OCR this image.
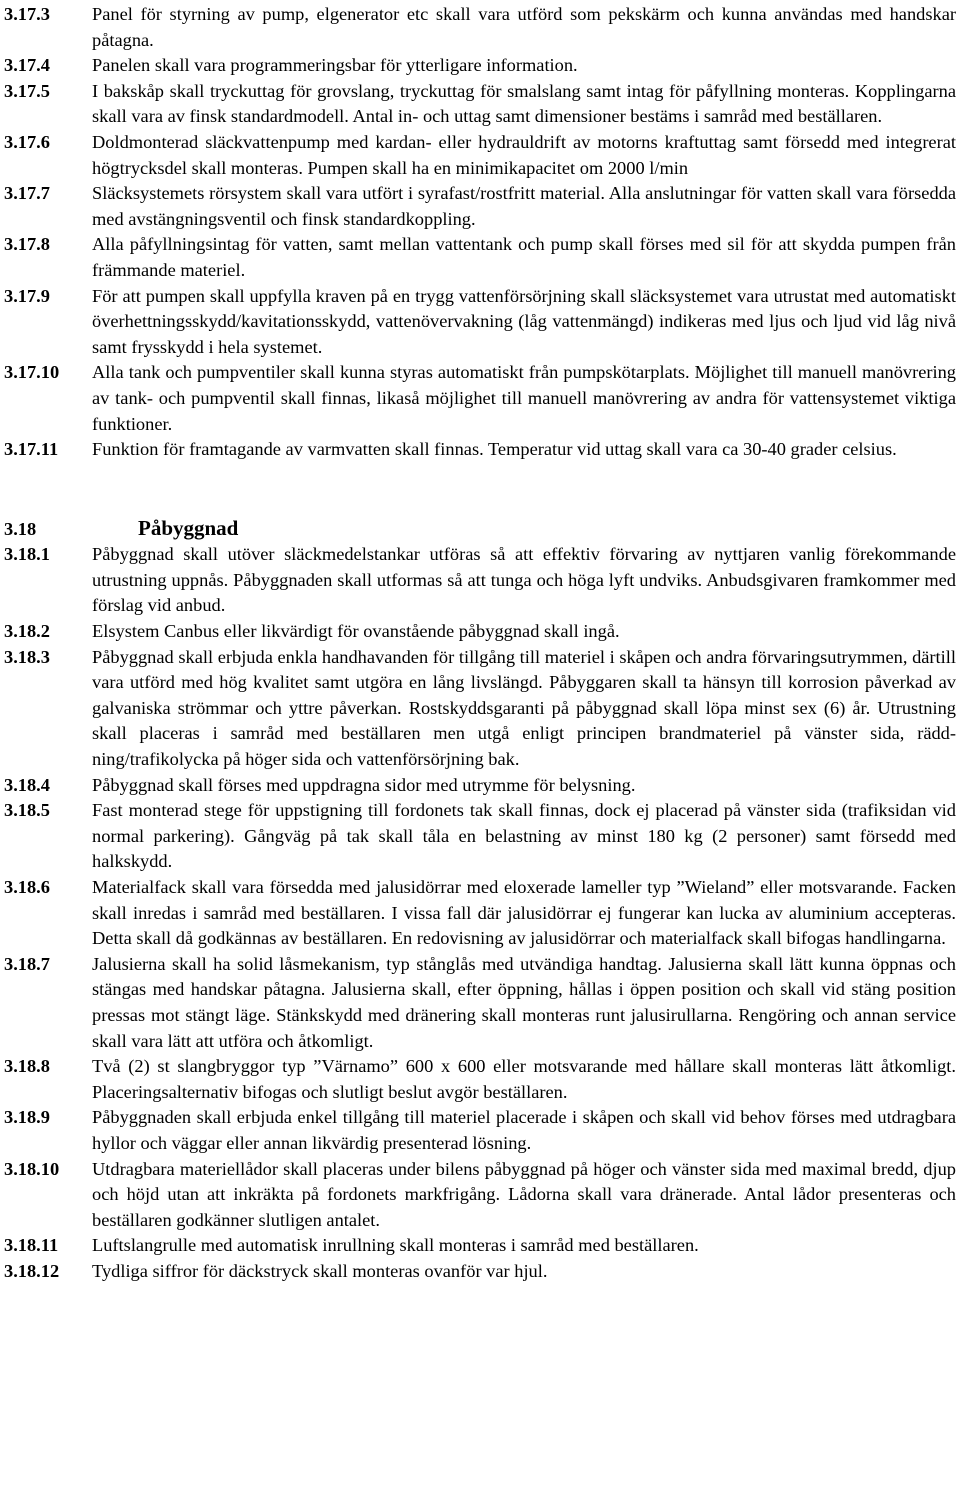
3.17.3	Panel för styrning av pump, elgenerator etc skall vara utförd som pekskärm och kunna användas med handskar påtagna.
3.17.4	Panelen skall vara programmeringsbar för ytterligare information.
3.17.5	I bakskåp skall tryckuttag för grovslang, tryckuttag för smalslang samt intag för påfyllning monteras. Kopplingarna skall vara av finsk standardmodell. Antal in- och uttag samt dimensioner bestäms i samråd med beställaren.
3.17.6	Doldmonterad släckvattenpump med kardan- eller hydrauldrift av motorns kraftuttag samt försedd med integrerat högtrycksdel skall monteras. Pumpen skall ha en minimikapacitet om 2000 l/min
3.17.7	Släcksystemets rörsystem skall vara utfört i syrafast/rostfritt material. Alla anslutningar för vatten skall vara försedda med avstängningsventil och finsk standardkoppling.
3.17.8	Alla påfyllningsintag för vatten, samt mellan vattentank och pump skall förses med sil för att skydda pumpen från främmande materiel.
3.17.9	För att pumpen skall uppfylla kraven på en trygg vattenförsörjning skall släcksystemet vara utrustat med automatiskt överhettningsskydd/kavitationsskydd, vattenövervakning (låg vattenmängd) indikeras med ljus och ljud vid låg nivå samt frysskydd i hela systemet.
3.17.10	Alla tank och pumpventiler skall kunna styras automatiskt från pumpskötarplats. Möjlighet till manuell manövrering av tank- och pumpventil skall finnas, likaså möjlighet till manuell manövrering av andra för vattensystemet viktiga funktioner.
3.17.11	Funktion för framtagande av varmvatten skall finnas. Temperatur vid uttag skall vara ca 30-40 grader celsius.
3.18	Påbyggnad
3.18.1	Påbyggnad skall utöver släckmedelstankar utföras så att effektiv förvaring av nyttjaren vanlig förekommande utrustning uppnås. Påbyggnaden skall utformas så att tunga och höga lyft undviks. Anbudsgivaren framkommer med förslag vid anbud.
3.18.2	Elsystem Canbus eller likvärdigt för ovanstående påbyggnad skall ingå.
3.18.3	Påbyggnad skall erbjuda enkla handhavanden för tillgång till materiel i skåpen och andra förvaringsutrymmen, därtill vara utförd med hög kvalitet samt utgöra en lång livslängd. Påbyggaren skall ta hänsyn till korrosion påverkad av galvaniska strömmar och yttre påverkan. Rostskyddsgaranti på påbyggnad skall löpa minst sex (6) år. Utrustning skall placeras i samråd med beställaren men utgå enligt principen brandmateriel på vänster sida, räddning/trafikolycka på höger sida och vattenförsörjning bak.
3.18.4	Påbyggnad skall förses med uppdragna sidor med utrymme för belysning.
3.18.5	Fast monterad stege för uppstigning till fordonets tak skall finnas, dock ej placerad på vänster sida (trafiksidan vid normal parkering). Gångväg på tak skall tåla en belastning av minst 180 kg (2 personer) samt försedd med halkskydd.
3.18.6	Materialfack skall vara försedda med jalusidörrar med eloxerade lameller typ ”Wieland” eller motsvarande. Facken skall inredas i samråd med beställaren. I vissa fall där jalusidörrar ej fungerar kan lucka av aluminium accepteras. Detta skall då godkännas av beställaren. En redovisning av jalusidörrar och materialfack skall bifogas handlingarna.
3.18.7	Jalusierna skall ha solid låsmekanism, typ stånglås med utvändiga handtag. Jalusierna skall lätt kunna öppnas och stängas med handskar påtagna. Jalusierna skall, efter öppning, hållas i öppen position och skall vid stäng position pressas mot stängt läge. Stänkskydd med dränering skall monteras runt jalusirullarna. Rengöring och annan service skall vara lätt att utföra och åtkomligt.
3.18.8	Två (2) st slangbryggor typ ”Värnamo” 600 x 600 eller motsvarande med hållare skall monteras lätt åtkomligt. Placeringsalternativ bifogas och slutligt beslut avgör beställaren.
3.18.9	Påbyggnaden skall erbjuda enkel tillgång till materiel placerade i skåpen och skall vid behov förses med utdragbara hyllor och väggar eller annan likvärdig presenterad lösning.
3.18.10	Utdragbara materiellådor skall placeras under bilens påbyggnad på höger och vänster sida med maximal bredd, djup och höjd utan att inkräkta på fordonets markfrigång. Lådorna skall vara dränerade. Antal lådor presenteras och beställaren godkänner slutligen antalet.
3.18.11	Luftslangrulle med automatisk inrullning skall monteras i samråd med beställaren.
3.18.12	Tydliga siffror för däckstryck skall monteras ovanför var hjul.
